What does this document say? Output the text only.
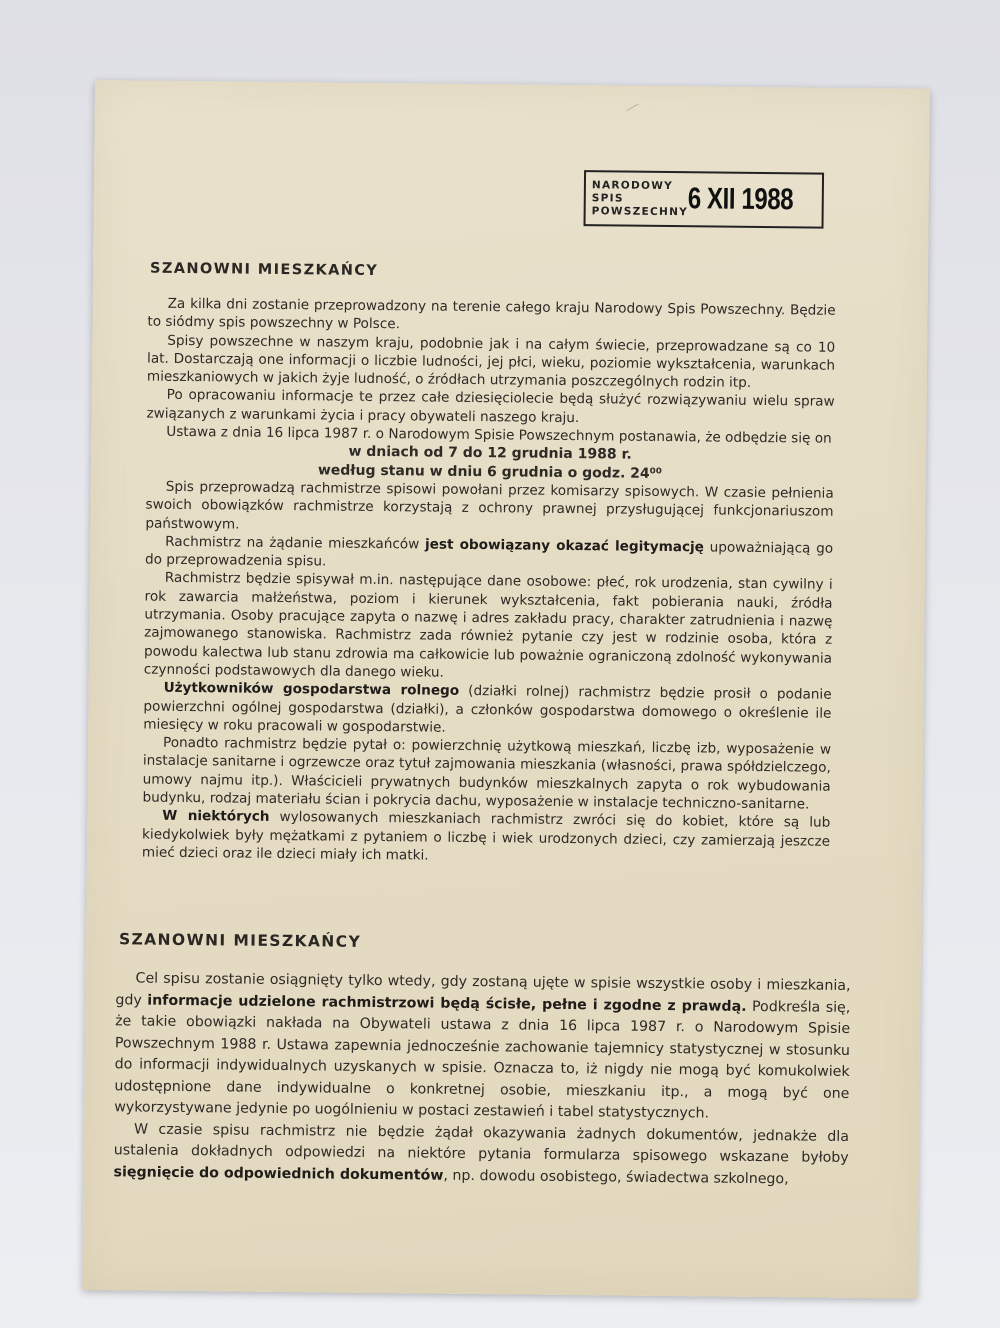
NARODOWY
SPIS
POWSZECHNY 6 XII 1988
SZANOWNI MIESZKAŃCY

Za kilka dni zostanie przeprowadzony na terenie całego kraju Narodowy Spis Powszechny. Będzie to siódmy spis powszechny w Polsce.

Spisy powszechne w naszym kraju, podobnie jak i na całym świecie, przeprowadzane są co 10 lat. Dostarczają one informacji o liczbie ludności, jej płci, wieku, poziomie wykształcenia, warunkach mieszkaniowych w jakich żyje ludność, o źródłach utrzymania poszczególnych rodzin itp.

Po opracowaniu informacje te przez całe dziesięciolecie będą służyć rozwiązywaniu wielu spraw związanych z warunkami życia i pracy obywateli naszego kraju.

Ustawa z dnia 16 lipca 1987 r. o Narodowym Spisie Powszechnym postanawia, że odbędzie się on

w dniach od 7 do 12 grudnia 1988 r.

według stanu w dniu 6 grudnia o godz. 24⁰⁰

Spis przeprowadzą rachmistrze spisowi powołani przez komisarzy spisowych. W czasie pełnienia swoich obowiązków rachmistrze korzystają z ochrony prawnej przysługującej funkcjonariuszom państwowym.

Rachmistrz na żądanie mieszkańców jest obowiązany okazać legitymację upoważniającą go do przeprowadzenia spisu.

Rachmistrz będzie spisywał m.in. następujące dane osobowe: płeć, rok urodzenia, stan cywilny i rok zawarcia małżeństwa, poziom i kierunek wykształcenia, fakt pobierania nauki, źródła utrzymania. Osoby pracujące zapyta o nazwę i adres zakładu pracy, charakter zatrudnienia i nazwę zajmowanego stanowiska. Rachmistrz zada również pytanie czy jest w rodzinie osoba, która z powodu kalectwa lub stanu zdrowia ma całkowicie lub poważnie ograniczoną zdolność wykonywania czynności podstawowych dla danego wieku.

Użytkowników gospodarstwa rolnego (działki rolnej) rachmistrz będzie prosił o podanie powierzchni ogólnej gospodarstwa (działki), a członków gospodarstwa domowego o określenie ile miesięcy w roku pracowali w gospodarstwie.

Ponadto rachmistrz będzie pytał o: powierzchnię użytkową mieszkań, liczbę izb, wyposażenie w instalacje sanitarne i ogrzewcze oraz tytuł zajmowania mieszkania (własności, prawa spółdzielczego, umowy najmu itp.). Właścicieli prywatnych budynków mieszkalnych zapyta o rok wybudowania budynku, rodzaj materiału ścian i pokrycia dachu, wyposażenie w instalacje techniczno-sanitarne.

W niektórych wylosowanych mieszkaniach rachmistrz zwróci się do kobiet, które są lub kiedykolwiek były mężatkami z pytaniem o liczbę i wiek urodzonych dzieci, czy zamierzają jeszcze mieć dzieci oraz ile dzieci miały ich matki.

SZANOWNI MIESZKAŃCY

Cel spisu zostanie osiągnięty tylko wtedy, gdy zostaną ujęte w spisie wszystkie osoby i mieszkania, gdy informacje udzielone rachmistrzowi będą ścisłe, pełne i zgodne z prawdą. Podkreśla się, że takie obowiązki nakłada na Obywateli ustawa z dnia 16 lipca 1987 r. o Narodowym Spisie Powszechnym 1988 r. Ustawa zapewnia jednocześnie zachowanie tajemnicy statystycznej w stosunku do informacji indywidualnych uzyskanych w spisie. Oznacza to, iż nigdy nie mogą być komukolwiek udostępnione dane indywidualne o konkretnej osobie, mieszkaniu itp., a mogą być one wykorzystywane jedynie po uogólnieniu w postaci zestawień i tabel statystycznych.

W czasie spisu rachmistrz nie będzie żądał okazywania żadnych dokumentów, jednakże dla ustalenia dokładnych odpowiedzi na niektóre pytania formularza spisowego wskazane byłoby sięgnięcie do odpowiednich dokumentów, np. dowodu osobistego, świadectwa szkolnego,
